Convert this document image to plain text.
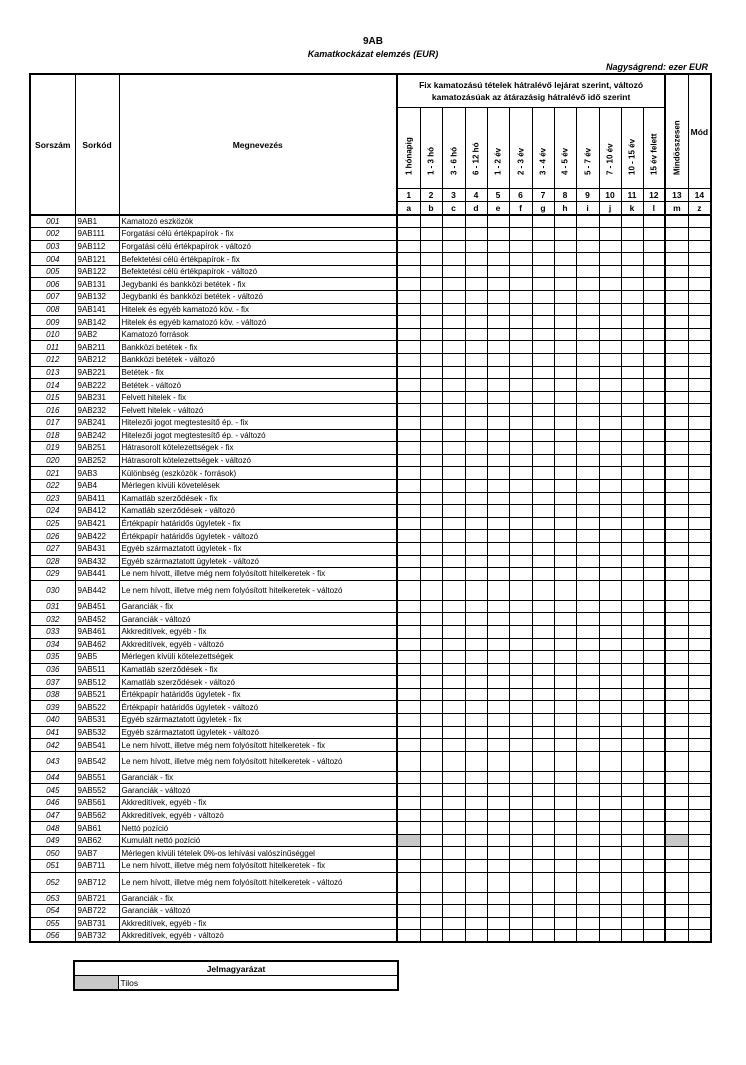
9AB
Kamatkockázat elemzés (EUR)
Nagyságrend: ezer EUR
Sorszám	Sorkód	Megnevezés	Fix kamatozású tételek hátralévő lejárat szerint, változó kamatozásúak az átárazásig hátralévő idő szerint												Mindösszesen	Mód

			1 hónapig	1 - 3 hó	3 - 6 hó	6 - 12 hó	1 - 2 év	2 - 3 év	3 - 4 év	4 - 5 év	5 - 7 év	7 - 10 év	10 - 15 év	15 év felett		

			1	2	3	4	5	6	7	8	9	10	11	12	13	14
			a	b	c	d	e	f	g	h	i	j	k	l	m	z
001	9AB1	Kamatozó eszközök														
002	9AB111	Forgatási célú értékpapírok - fix														
003	9AB112	Forgatási célú értékpapírok - változó														
004	9AB121	Befektetési célú értékpapírok - fix														
005	9AB122	Befektetési célú értékpapírok - változó														
006	9AB131	Jegybanki és bankközi betétek - fix														
007	9AB132	Jegybanki és bankközi betétek - változó														
008	9AB141	Hitelek és egyéb kamatozó köv. - fix														
009	9AB142	Hitelek és egyéb kamatozó köv. - változó														
010	9AB2	Kamatozó források														
011	9AB211	Bankközi betétek - fix														
012	9AB212	Bankközi betétek - változó														
013	9AB221	Betétek - fix														
014	9AB222	Betétek - változó														
015	9AB231	Felvett hitelek - fix														
016	9AB232	Felvett hitelek - változó														
017	9AB241	Hitelezői jogot megtestesítő ép. - fix														
018	9AB242	Hitelezői jogot megtestesítő ép. - változó														
019	9AB251	Hátrasorolt kötelezettségek - fix														
020	9AB252	Hátrasorolt kötelezettségek - változó														
021	9AB3	Különbség (eszközök - források)														
022	9AB4	Mérlegen kívüli követelések														
023	9AB411	Kamatláb szerződések - fix														
024	9AB412	Kamatláb szerződések - változó														
025	9AB421	Értékpapír határidős ügyletek - fix														
026	9AB422	Értékpapír határidős ügyletek - változó														
027	9AB431	Egyéb származtatott ügyletek - fix														
028	9AB432	Egyéb származtatott ügyletek - változó														
029	9AB441	Le nem hívott, illetve még nem folyósított hitelkeretek - fix														
030	9AB442	Le nem hívott, illetve még nem folyósított hitelkeretek - változó														
031	9AB451	Garanciák - fix														
032	9AB452	Garanciák - változó														
033	9AB461	Akkreditívek, egyéb - fix														
034	9AB462	Akkreditívek, egyéb - változó														
035	9AB5	Mérlegen kívüli kötelezettségek														
036	9AB511	Kamatláb szerződések - fix														
037	9AB512	Kamatláb szerződések - változó														
038	9AB521	Értékpapír határidős ügyletek - fix														
039	9AB522	Értékpapír határidős ügyletek - változó														
040	9AB531	Egyéb származtatott ügyletek - fix														
041	9AB532	Egyéb származtatott ügyletek - változó														
042	9AB541	Le nem hívott, illetve még nem folyósított hitelkeretek - fix														
043	9AB542	Le nem hívott, illetve még nem folyósított hitelkeretek - változó														
044	9AB551	Garanciák - fix														
045	9AB552	Garanciák - változó														
046	9AB561	Akkreditívek, egyéb - fix														
047	9AB562	Akkreditívek, egyéb - változó														
048	9AB61	Nettó pozíció														
049	9AB62	Kumulált nettó pozíció														
050	9AB7	Mérlegen kívüli tételek 0%-os lehívási valószínűséggel														
051	9AB711	Le nem hívott, illetve még nem folyósított hitelkeretek - fix														
052	9AB712	Le nem hívott, illetve még nem folyósított hitelkeretek - változó														
053	9AB721	Garanciák - fix														
054	9AB722	Garanciák - változó														
055	9AB731	Akkreditívek, egyéb - fix														
056	9AB732	Akkreditívek, egyéb - változó														
Jelmagyarázat
	Tilos
